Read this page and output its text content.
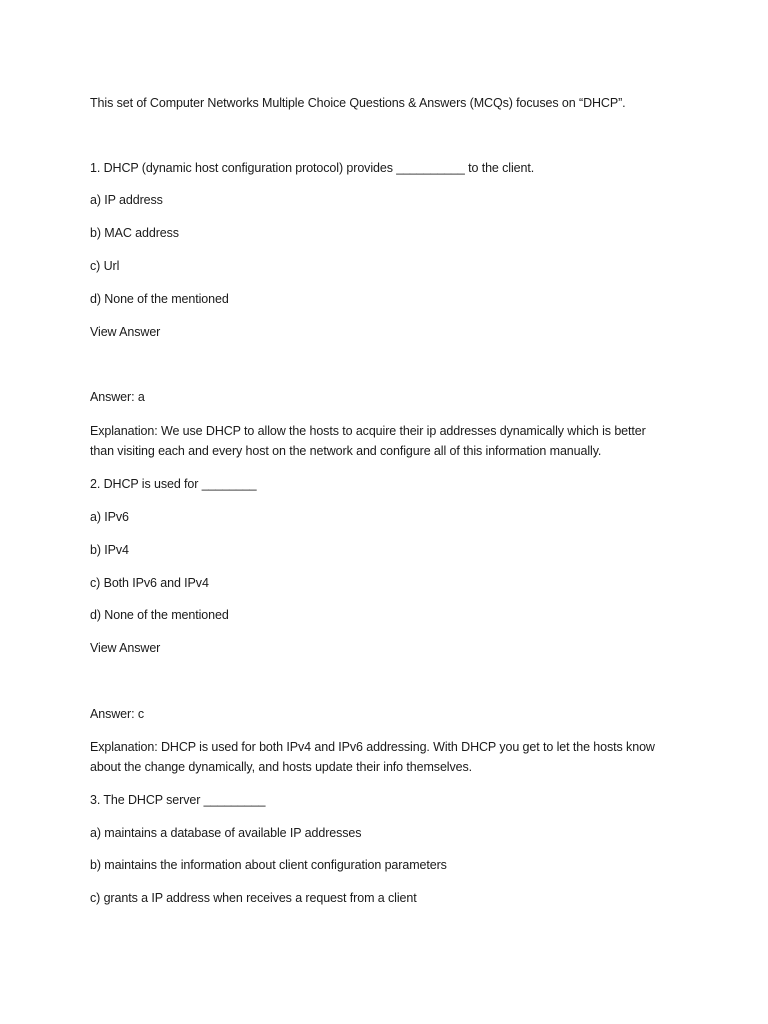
This set of Computer Networks Multiple Choice Questions & Answers (MCQs) focuses on “DHCP”.
1. DHCP (dynamic host configuration protocol) provides __________ to the client.
a) IP address
b) MAC address
c) Url
d) None of the mentioned
View Answer
Answer: a
Explanation: We use DHCP to allow the hosts to acquire their ip addresses dynamically which is better
than visiting each and every host on the network and configure all of this information manually.
2. DHCP is used for ________
a) IPv6
b) IPv4
c) Both IPv6 and IPv4
d) None of the mentioned
View Answer
Answer: c
Explanation: DHCP is used for both IPv4 and IPv6 addressing. With DHCP you get to let the hosts know
about the change dynamically, and hosts update their info themselves.
3. The DHCP server _________
a) maintains a database of available IP addresses
b) maintains the information about client configuration parameters
c) grants a IP address when receives a request from a client
